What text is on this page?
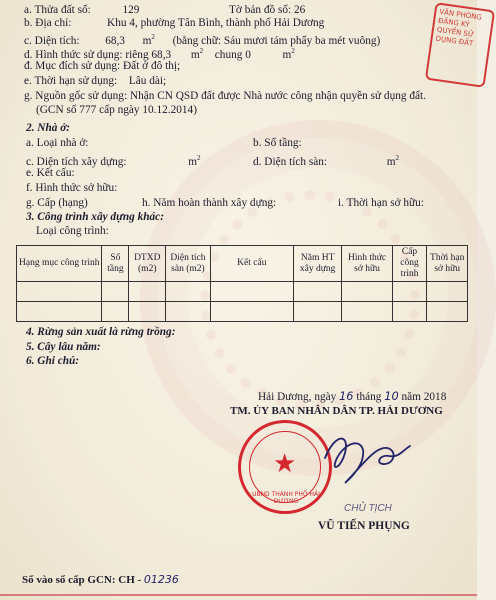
VĂN PHÒNG ĐĂNG KÝ QUYỀN SỬ DỤNG ĐẤT
a. Thửa đất số:	129	Tờ bản đồ số: 26
b. Địa chỉ:	Khu 4, phường Tân Bình, thành phố Hải Dương
c. Diện tích: 68,3 $m^2$ (bằng chữ: Sáu mươi tám phẩy ba mét vuông)
d. Hình thức sử dụng: riêng 68,3 $m^2$ chung 0	$m^2$
đ. Mục đích sử dụng: Đất ở đô thị;
e. Thời hạn sử dụng: Lâu dài;
g. Nguồn gốc sử dụng: Nhận CN QSD đất được Nhà nước công nhận quyền sử dụng đất.
(GCN số 777 cấp ngày 10.12.2014)
2. Nhà ở:
a. Loại nhà ở:	b. Số tầng:
c. Diện tích xây dựng:	$m^2$	d. Diện tích sàn:	$m^2$
e. Kết cấu:
f. Hình thức sở hữu:
g. Cấp (hạng)	h. Năm hoàn thành xây dựng:	i. Thời hạn sở hữu:
3. Công trình xây dựng khác:
Loại công trình:
Hạng mục công trình	Số tầng	DTXD (m2)	Diện tích sàn (m2)	Kết cấu	Năm HT xây dựng	Hình thức sở hữu	Cấp công trình	Thời hạn sở hữu

4. Rừng sản xuất là rừng trồng:
5. Cây lâu năm:
6. Ghi chú:
Hải Dương, ngày 16 tháng 10 năm 2018
TM. ỦY BAN NHÂN DÂN TP. HẢI DƯƠNG
★
UBND THÀNH PHỐ HẢI DƯƠNG
CHỦ TỊCH
VŨ TIẾN PHỤNG
Số vào sổ cấp GCN: CH - 01236
